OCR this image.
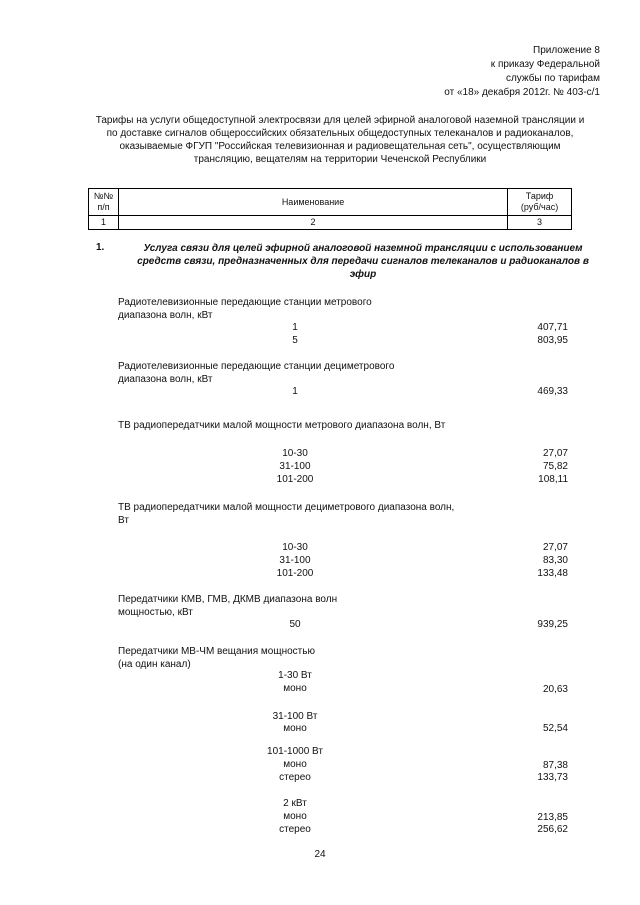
Приложение 8
к приказу Федеральной
службы по тарифам
от «18» декабря 2012г. № 403-с/1
Тарифы на услуги общедоступной электросвязи для целей эфирной аналоговой наземной трансляции и
по доставке сигналов общероссийских обязательных общедоступных телеканалов и радиоканалов,
оказываемые ФГУП "Российская телевизионная и радиовещательная сеть", осуществляющим
трансляцию, вещателям на территории Чеченской Республики
№№
п/п	Наименование	Тариф
(руб/час)
1	2	3
1.	Услуга связи для целей эфирной аналоговой наземной трансляции с использованием
средств связи, предназначенных для передачи сигналов телеканалов и радиоканалов в
эфир
Радиотелевизионные передающие станции метрового
диапазона волн, кВт
1	407,71
5	803,95
Радиотелевизионные передающие станции дециметрового
диапазона волн, кВт
1	469,33
ТВ радиопередатчики малой мощности метрового диапазона волн, Вт
10-30	27,07
31-100	75,82
101-200	108,11
ТВ радиопередатчики малой мощности дециметрового диапазона волн,
Вт
10-30	27,07
31-100	83,30
101-200	133,48
Передатчики КМВ, ГМВ, ДКМВ диапазона волн
мощностью, кВт
50	939,25
Передатчики МВ-ЧМ вещания мощностью
(на один канал)
1-30 Вт
моно	20,63
31-100 Вт
моно	52,54
101-1000 Вт
моно	87,38
стерео	133,73
2 кВт
моно	213,85
стерео	256,62
24
